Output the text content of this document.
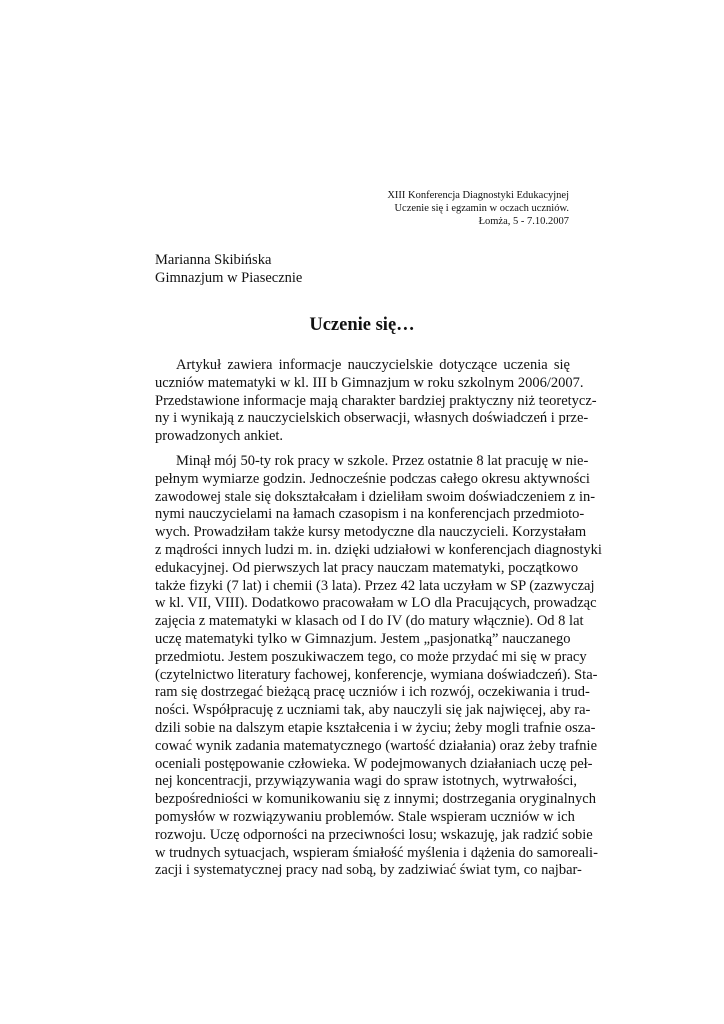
XIII Konferencja Diagnostyki Edukacyjnej
Uczenie się i egzamin w oczach uczniów.
Łomża, 5 - 7.10.2007
Marianna Skibińska
Gimnazjum w Piasecznie
Uczenie się…
Artykuł zawiera informacje nauczycielskie dotyczące uczenia się
uczniów matematyki w kl. III b Gimnazjum w roku szkolnym 2006/2007.
Przedstawione informacje mają charakter bardziej praktyczny niż teoretycz-
ny i wynikają z nauczycielskich obserwacji, własnych doświadczeń i prze-
prowadzonych ankiet.
Minął mój 50-ty rok pracy w szkole. Przez ostatnie 8 lat pracuję w nie-
pełnym wymiarze godzin. Jednocześnie podczas całego okresu aktywności
zawodowej stale się dokształcałam i dzieliłam swoim doświadczeniem z in-
nymi nauczycielami na łamach czasopism i na konferencjach przedmioto-
wych. Prowadziłam także kursy metodyczne dla nauczycieli. Korzystałam
z mądrości innych ludzi m. in. dzięki udziałowi w konferencjach diagnostyki
edukacyjnej. Od pierwszych lat pracy nauczam matematyki, początkowo
także fizyki (7 lat) i chemii (3 lata). Przez 42 lata uczyłam w SP (zazwyczaj
w kl. VII, VIII). Dodatkowo pracowałam w LO dla Pracujących, prowadząc
zajęcia z matematyki w klasach od I do IV (do matury włącznie). Od 8 lat
uczę matematyki tylko w Gimnazjum. Jestem „pasjonatką” nauczanego
przedmiotu. Jestem poszukiwaczem tego, co może przydać mi się w pracy
(czytelnictwo literatury fachowej, konferencje, wymiana doświadczeń). Sta-
ram się dostrzegać bieżącą pracę uczniów i ich rozwój, oczekiwania i trud-
ności. Współpracuję z uczniami tak, aby nauczyli się jak najwięcej, aby ra-
dzili sobie na dalszym etapie kształcenia i w życiu; żeby mogli trafnie osza-
cować wynik zadania matematycznego (wartość działania) oraz żeby trafnie
oceniali postępowanie człowieka. W podejmowanych działaniach uczę peł-
nej koncentracji, przywiązywania wagi do spraw istotnych, wytrwałości,
bezpośredniości w komunikowaniu się z innymi; dostrzegania oryginalnych
pomysłów w rozwiązywaniu problemów. Stale wspieram uczniów w ich
rozwoju. Uczę odporności na przeciwności losu; wskazuję, jak radzić sobie
w trudnych sytuacjach, wspieram śmiałość myślenia i dążenia do samoreali-
zacji i systematycznej pracy nad sobą, by zadziwiać świat tym, co najbar-
